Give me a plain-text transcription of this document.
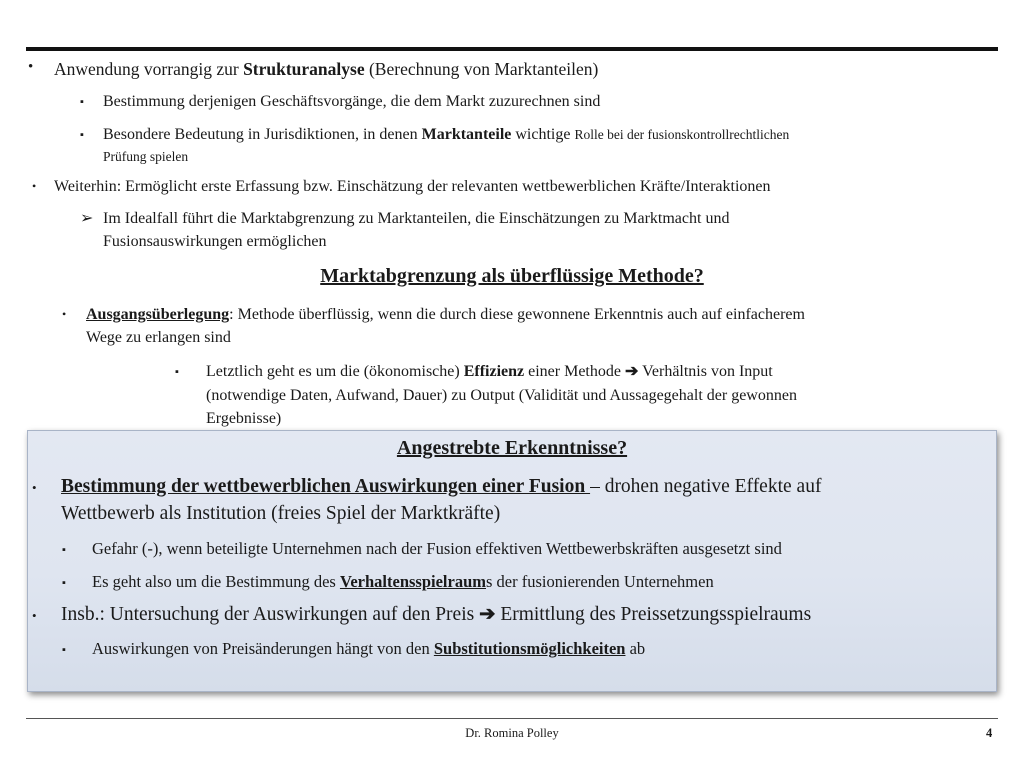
• Anwendung vorrangig zur Strukturanalyse (Berechnung von Marktanteilen)
▪ Bestimmung derjenigen Geschäftsvorgänge, die dem Markt zuzurechnen sind
▪ Besondere Bedeutung in Jurisdiktionen, in denen Marktanteile wichtige Rolle bei der fusionskontrollrechtlichen
Prüfung spielen
• Weiterhin: Ermöglicht erste Erfassung bzw. Einschätzung der relevanten wettbewerblichen Kräfte/Interaktionen
➢ Im Idealfall führt die Marktabgrenzung zu Marktanteilen, die Einschätzungen zu Marktmacht und
Fusionsauswirkungen ermöglichen
Marktabgrenzung als überflüssige Methode?
• Ausgangsüberlegung: Methode überflüssig, wenn die durch diese gewonnene Erkenntnis auch auf einfacherem
Wege zu erlangen sind
▪ Letztlich geht es um die (ökonomische) Effizienz einer Methode ➔ Verhältnis von Input
(notwendige Daten, Aufwand, Dauer) zu Output (Validität und Aussagegehalt der gewonnen
Ergebnisse)
Angestrebte Erkenntnisse?
• Bestimmung der wettbewerblichen Auswirkungen einer Fusion – drohen negative Effekte auf
Wettbewerb als Institution (freies Spiel der Marktkräfte)
▪ Gefahr (-), wenn beteiligte Unternehmen nach der Fusion effektiven Wettbewerbskräften ausgesetzt sind
▪ Es geht also um die Bestimmung des Verhaltensspielraums der fusionierenden Unternehmen
• Insb.: Untersuchung der Auswirkungen auf den Preis ➔ Ermittlung des Preissetzungsspielraums
▪ Auswirkungen von Preisänderungen hängt von den Substitutionsmöglichkeiten ab
Dr. Romina Polley	4
